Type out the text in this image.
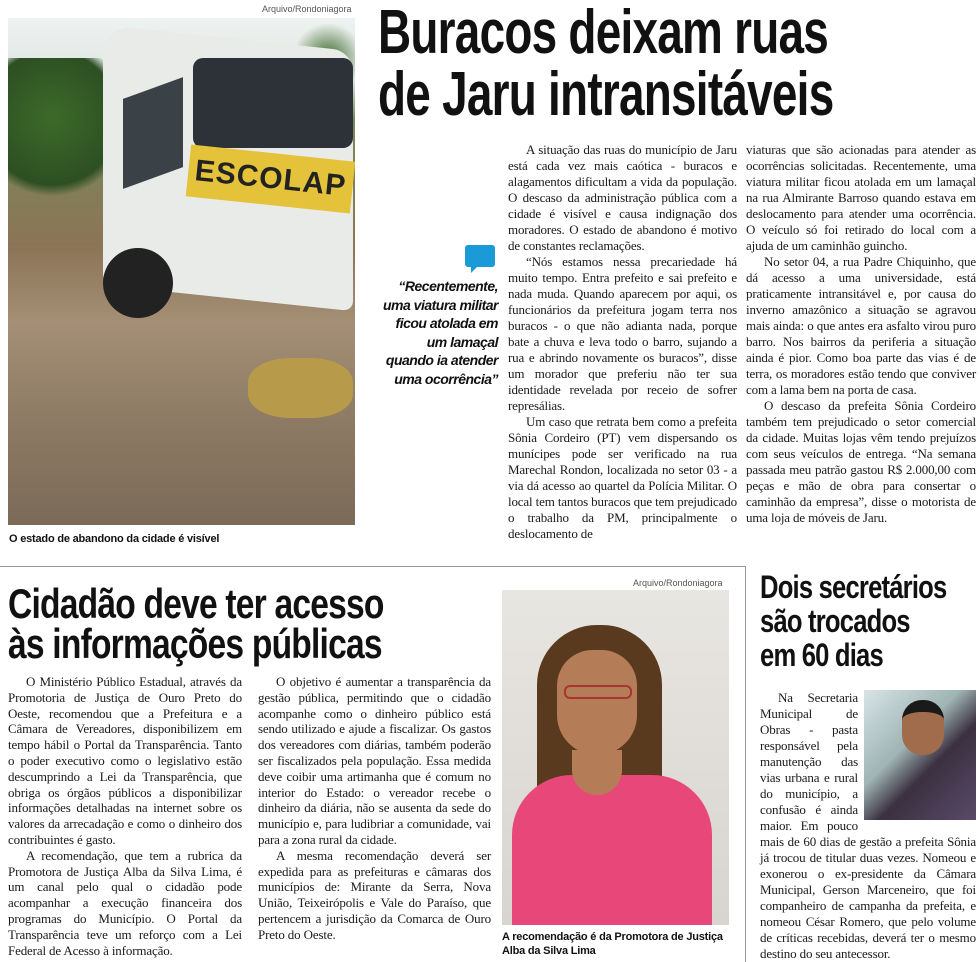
Arquivo/Rondoniagora
ESCOLAP
O estado de abandono da cidade é visível
Buracos deixam ruas
de Jaru intransitáveis
“Recentemente, uma viatura militar ficou atolada em um lamaçal quando ia atender uma ocorrência”

A situação das ruas do município de Jaru está cada vez mais caótica - buracos e alagamentos dificultam a vida da população. O descaso da administração pública com a cidade é visível e causa indignação dos moradores. O estado de abandono é motivo de constantes reclamações.

“Nós estamos nessa precariedade há muito tempo. Entra prefeito e sai prefeito e nada muda. Quando aparecem por aqui, os funcionários da prefeitura jogam terra nos buracos - o que não adianta nada, porque bate a chuva e leva todo o barro, sujando a rua e abrindo novamente os buracos”, disse um morador que preferiu não ter sua identidade revelada por receio de sofrer represálias.

Um caso que retrata bem como a prefeita Sônia Cordeiro (PT) vem dispersando os munícipes pode ser verificado na rua Marechal Rondon, localizada no setor 03 - a via dá acesso ao quartel da Polícia Militar. O local tem tantos buracos que tem prejudicado o trabalho da PM, principalmente o deslocamento de

viaturas que são acionadas para atender as ocorrências solicitadas. Recentemente, uma viatura militar ficou atolada em um lamaçal na rua Almirante Barroso quando estava em deslocamento para atender uma ocorrência. O veículo só foi retirado do local com a ajuda de um caminhão guincho.

No setor 04, a rua Padre Chiquinho, que dá acesso a uma universidade, está praticamente intransitável e, por causa do inverno amazônico a situação se agravou mais ainda: o que antes era asfalto virou puro barro. Nos bairros da periferia a situação ainda é pior. Como boa parte das vias é de terra, os moradores estão tendo que conviver com a lama bem na porta de casa.

O descaso da prefeita Sônia Cordeiro também tem prejudicado o setor comercial da cidade. Muitas lojas vêm tendo prejuízos com seus veículos de entrega. “Na semana passada meu patrão gastou R$ 2.000,00 com peças e mão de obra para consertar o caminhão da empresa”, disse o motorista de uma loja de móveis de Jaru.

Cidadão deve ter acesso
às informações públicas

O Ministério Público Estadual, através da Promotoria de Justiça de Ouro Preto do Oeste, recomendou que a Prefeitura e a Câmara de Vereadores, disponibilizem em tempo hábil o Portal da Transparência. Tanto o poder executivo como o legislativo estão descumprindo a Lei da Transparência, que obriga os órgãos públicos a disponibilizar informações detalhadas na internet sobre os valores da arrecadação e como o dinheiro dos contribuintes é gasto.

A recomendação, que tem a rubrica da Promotora de Justiça Alba da Silva Lima, é um canal pelo qual o cidadão pode acompanhar a execução financeira dos programas do Município. O Portal da Transparência teve um reforço com a Lei Federal de Acesso à informação.

O objetivo é aumentar a transparência da gestão pública, permitindo que o cidadão acompanhe como o dinheiro público está sendo utilizado e ajude a fiscalizar. Os gastos dos vereadores com diárias, também poderão ser fiscalizados pela população. Essa medida deve coibir uma artimanha que é comum no interior do Estado: o vereador recebe o dinheiro da diária, não se ausenta da sede do município e, para ludibriar a comunidade, vai para a zona rural da cidade.

A mesma recomendação deverá ser expedida para as prefeituras e câmaras dos municípios de: Mirante da Serra, Nova União, Teixeirópolis e Vale do Paraíso, que pertencem a jurisdição da Comarca de Ouro Preto do Oeste.

Arquivo/Rondoniagora
A recomendação é da Promotora de Justiça Alba da Silva Lima
Dois secretários
são trocados
em 60 dias

Na Secretaria Municipal de Obras - pasta responsável pela manutenção das vias urbana e rural do município, a confusão é ainda maior. Em pouco mais de 60 dias de gestão a prefeita Sônia já trocou de titular duas vezes. Nomeou e exonerou o ex-presidente da Câmara Municipal, Gerson Marceneiro, que foi companheiro de campanha da prefeita, e nomeou César Romero, que pelo volume de críticas recebidas, deverá ter o mesmo destino do seu antecessor.
